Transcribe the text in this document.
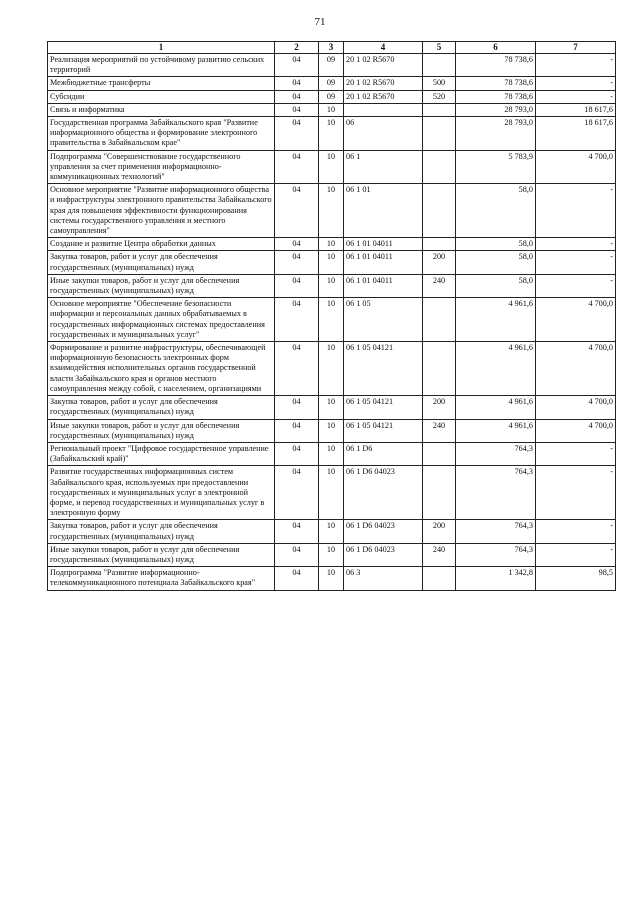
71
1	2	3	4	5	6	7
Реализация мероприятий по устойчивому развитию сельских территорий	04	09	20 1 02 R5670		78 738,6	-
Межбюджетные трансферты	04	09	20 1 02 R5670	500	78 738,6	-
Субсидии	04	09	20 1 02 R5670	520	78 738,6	-
Связь и информатика	04	10			28 793,0	18 617,6
Государственная программа Забайкальского края "Развитие информационного общества и формирование электронного правительства в Забайкальском крае"	04	10	06		28 793,0	18 617,6
Подпрограмма "Совершенствование государственного управления за счет применения информационно-коммуникационных технологий"	04	10	06 1		5 783,9	4 700,0
Основное мероприятие "Развитие информационного общества и инфраструктуры электронного правительства Забайкальского края для повышения эффективности функционирования системы государственного управления и местного самоуправления"	04	10	06 1 01		58,0	-
Создание и развитие Центра обработки данных	04	10	06 1 01 04011		58,0	-
Закупка товаров, работ и услуг для обеспечения государственных (муниципальных) нужд	04	10	06 1 01 04011	200	58,0	-
Иные закупки товаров, работ и услуг для обеспечения государственных (муниципальных) нужд	04	10	06 1 01 04011	240	58,0	-
Основное мероприятие "Обеспечение безопасности информации и персональных данных обрабатываемых в государственных информационных системах предоставления государственных и муниципальных услуг"	04	10	06 1 05		4 961,6	4 700,0
Формирование и развитие инфраструктуры, обеспечивающей информационную безопасность электронных форм взаимодействия исполнительных органов государственной власти Забайкальского края и органов местного самоуправления между собой, с населением, организациями	04	10	06 1 05 04121		4 961,6	4 700,0
Закупка товаров, работ и услуг для обеспечения государственных (муниципальных) нужд	04	10	06 1 05 04121	200	4 961,6	4 700,0
Иные закупки товаров, работ и услуг для обеспечения государственных (муниципальных) нужд	04	10	06 1 05 04121	240	4 961,6	4 700,0
Региональный проект "Цифровое государственное управление (Забайкальский край)"	04	10	06 1 D6		764,3	-
Развитие государственных информационных систем Забайкальского края, используемых при предоставлении государственных и муниципальных услуг в электронной форме, и перевод государственных и муниципальных услуг в электронную форму	04	10	06 1 D6 04023		764,3	-
Закупка товаров, работ и услуг для обеспечения государственных (муниципальных) нужд	04	10	06 1 D6 04023	200	764,3	-
Иные закупки товаров, работ и услуг для обеспечения государственных (муниципальных) нужд	04	10	06 1 D6 04023	240	764,3	-
Подпрограмма "Развитие информационно-телекоммуникационного потенциала Забайкальского края"	04	10	06 3		1 342,8	98,5
